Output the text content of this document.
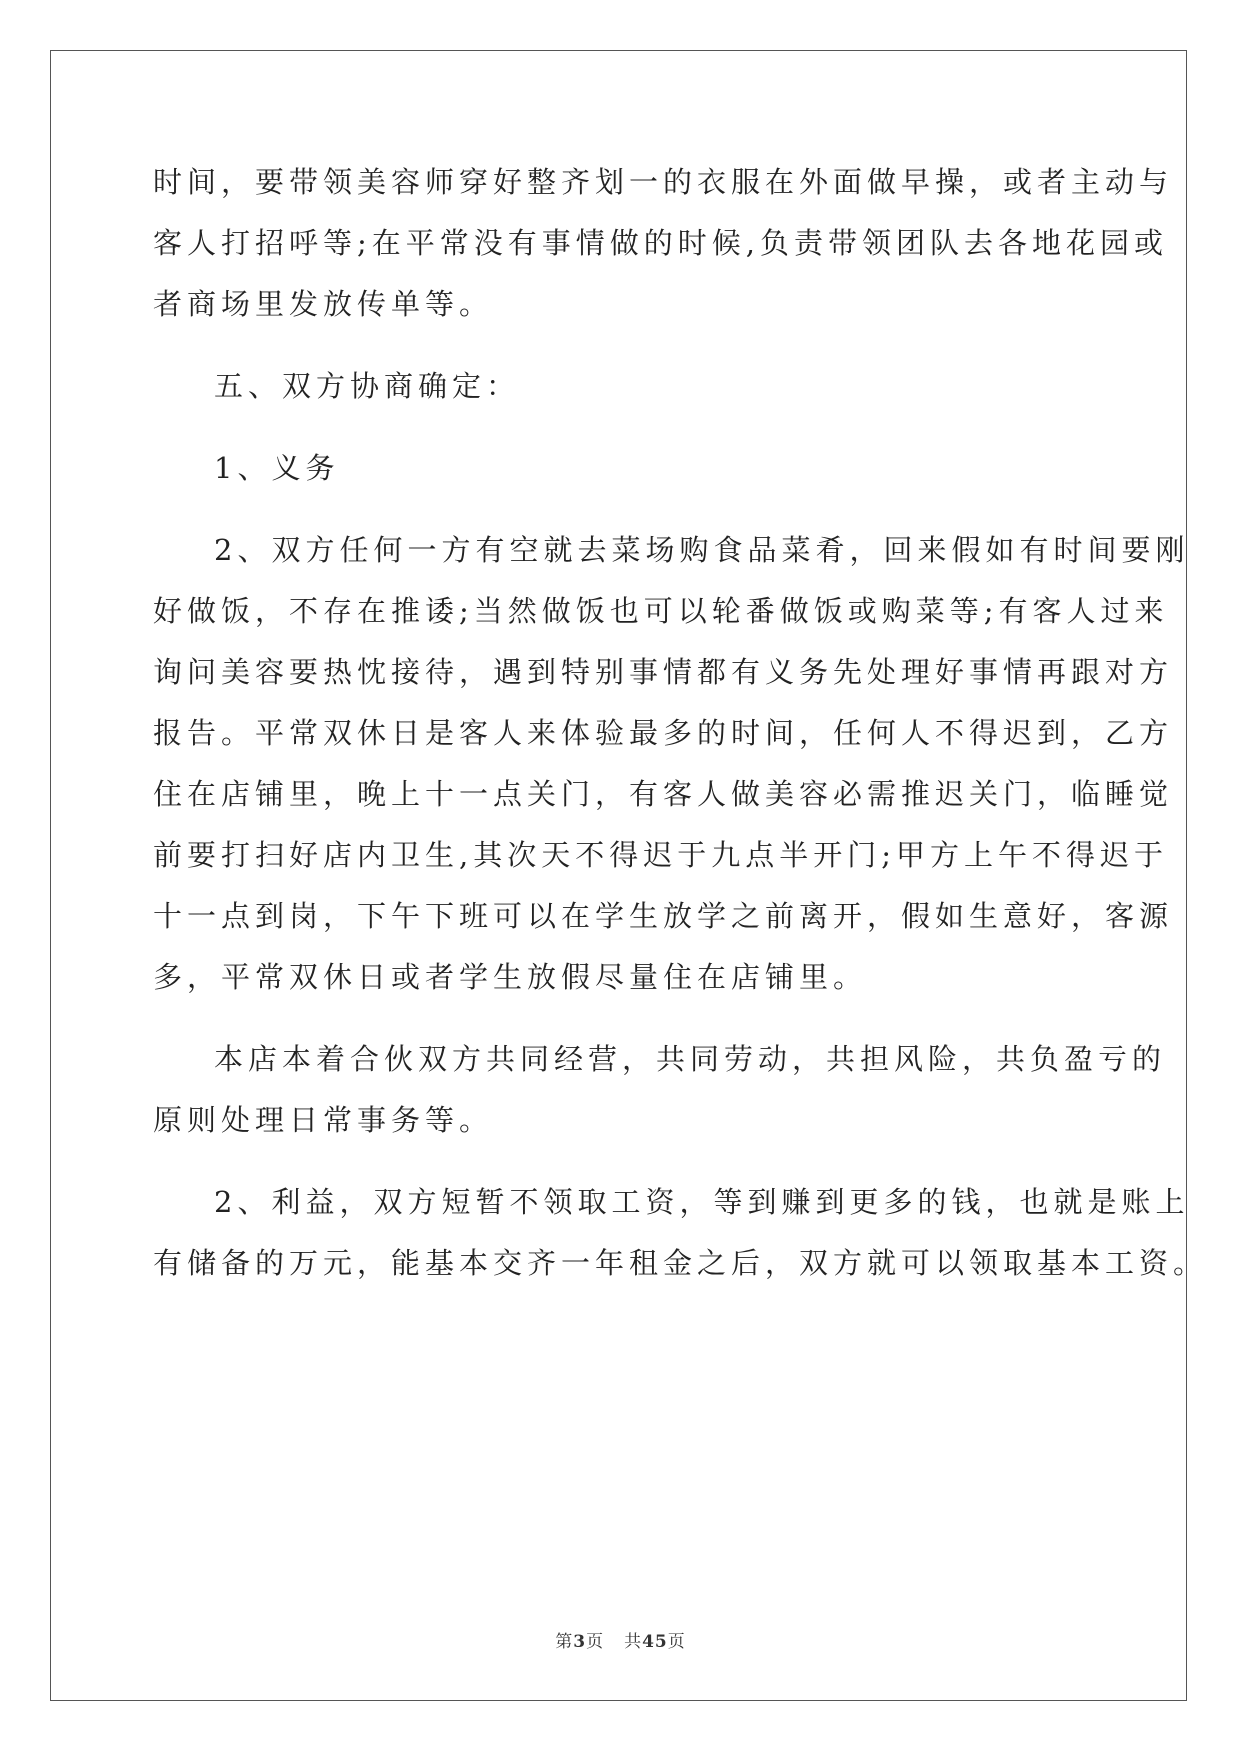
时间，要带领美容师穿好整齐划一的衣服在外面做早操，或者主动与

客人打招呼等;在平常没有事情做的时候,负责带领团队去各地花园或

者商场里发放传单等。

五、双方协商确定：

1、义务

2、双方任何一方有空就去菜场购食品菜肴，回来假如有时间要刚

好做饭，不存在推诿;当然做饭也可以轮番做饭或购菜等;有客人过来

询问美容要热忱接待，遇到特别事情都有义务先处理好事情再跟对方

报告。平常双休日是客人来体验最多的时间，任何人不得迟到，乙方

住在店铺里，晚上十一点关门，有客人做美容必需推迟关门，临睡觉

前要打扫好店内卫生,其次天不得迟于九点半开门;甲方上午不得迟于

十一点到岗，下午下班可以在学生放学之前离开，假如生意好，客源

多，平常双休日或者学生放假尽量住在店铺里。

本店本着合伙双方共同经营，共同劳动，共担风险，共负盈亏的

原则处理日常事务等。

2、利益，双方短暂不领取工资，等到赚到更多的钱，也就是账上

有储备的万元，能基本交齐一年租金之后，双方就可以领取基本工资。

第3页 共45页
